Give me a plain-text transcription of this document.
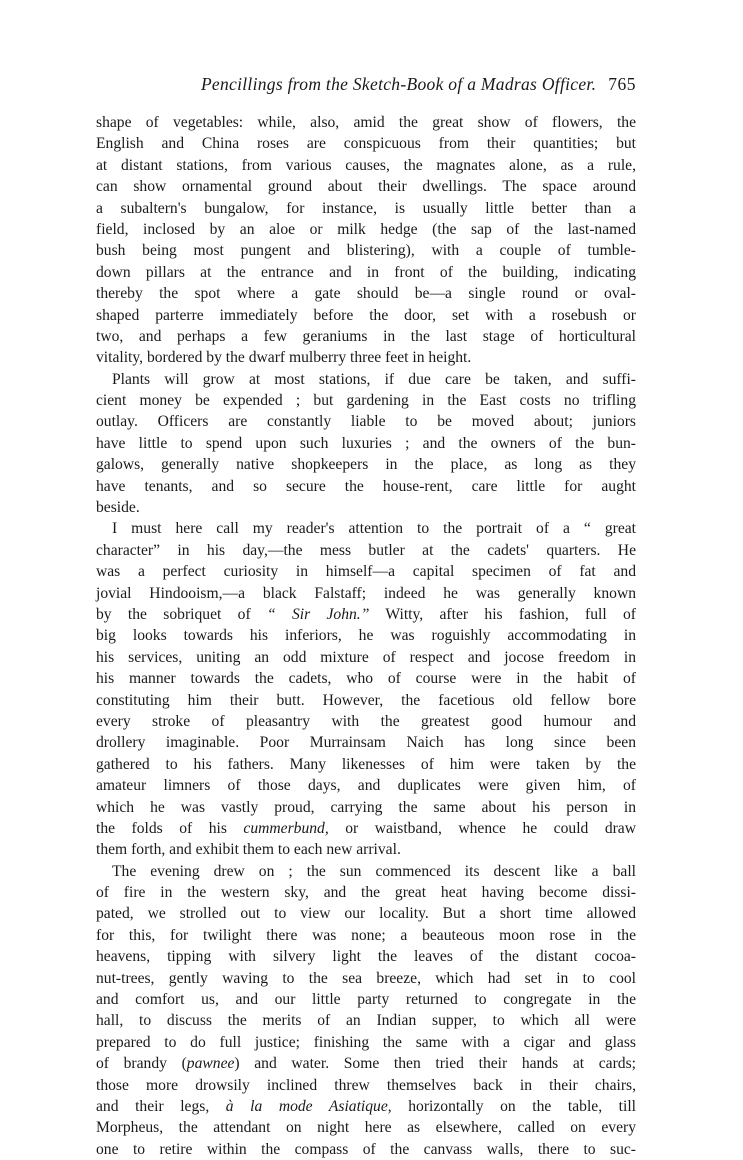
Pencillings from the Sketch-Book of a Madras Officer. 765
shape of vegetables: while, also, amid the great show of flowers, the
English and China roses are conspicuous from their quantities; but
at distant stations, from various causes, the magnates alone, as a rule,
can show ornamental ground about their dwellings. The space around
a subaltern's bungalow, for instance, is usually little better than a
field, inclosed by an aloe or milk hedge (the sap of the last-named
bush being most pungent and blistering), with a couple of tumble-
down pillars at the entrance and in front of the building, indicating
thereby the spot where a gate should be—a single round or oval-
shaped parterre immediately before the door, set with a rosebush or
two, and perhaps a few geraniums in the last stage of horticultural
vitality, bordered by the dwarf mulberry three feet in height.
Plants will grow at most stations, if due care be taken, and suffi-
cient money be expended ; but gardening in the East costs no trifling
outlay. Officers are constantly liable to be moved about; juniors
have little to spend upon such luxuries ; and the owners of the bun-
galows, generally native shopkeepers in the place, as long as they
have tenants, and so secure the house-rent, care little for aught
beside.
I must here call my reader's attention to the portrait of a “ great
character” in his day,—the mess butler at the cadets' quarters. He
was a perfect curiosity in himself—a capital specimen of fat and
jovial Hindooism,—a black Falstaff; indeed he was generally known
by the sobriquet of “ Sir John.” Witty, after his fashion, full of
big looks towards his inferiors, he was roguishly accommodating in
his services, uniting an odd mixture of respect and jocose freedom in
his manner towards the cadets, who of course were in the habit of
constituting him their butt. However, the facetious old fellow bore
every stroke of pleasantry with the greatest good humour and
drollery imaginable. Poor Murrainsam Naich has long since been
gathered to his fathers. Many likenesses of him were taken by the
amateur limners of those days, and duplicates were given him, of
which he was vastly proud, carrying the same about his person in
the folds of his cummerbund, or waistband, whence he could draw
them forth, and exhibit them to each new arrival.
The evening drew on ; the sun commenced its descent like a ball
of fire in the western sky, and the great heat having become dissi-
pated, we strolled out to view our locality. But a short time allowed
for this, for twilight there was none; a beauteous moon rose in the
heavens, tipping with silvery light the leaves of the distant cocoa-
nut-trees, gently waving to the sea breeze, which had set in to cool
and comfort us, and our little party returned to congregate in the
hall, to discuss the merits of an Indian supper, to which all were
prepared to do full justice; finishing the same with a cigar and glass
of brandy (pawnee) and water. Some then tried their hands at cards;
those more drowsily inclined threw themselves back in their chairs,
and their legs, à la mode Asiatique, horizontally on the table, till
Morpheus, the attendant on night here as elsewhere, called on every
one to retire within the compass of the canvass walls, there to suc-
